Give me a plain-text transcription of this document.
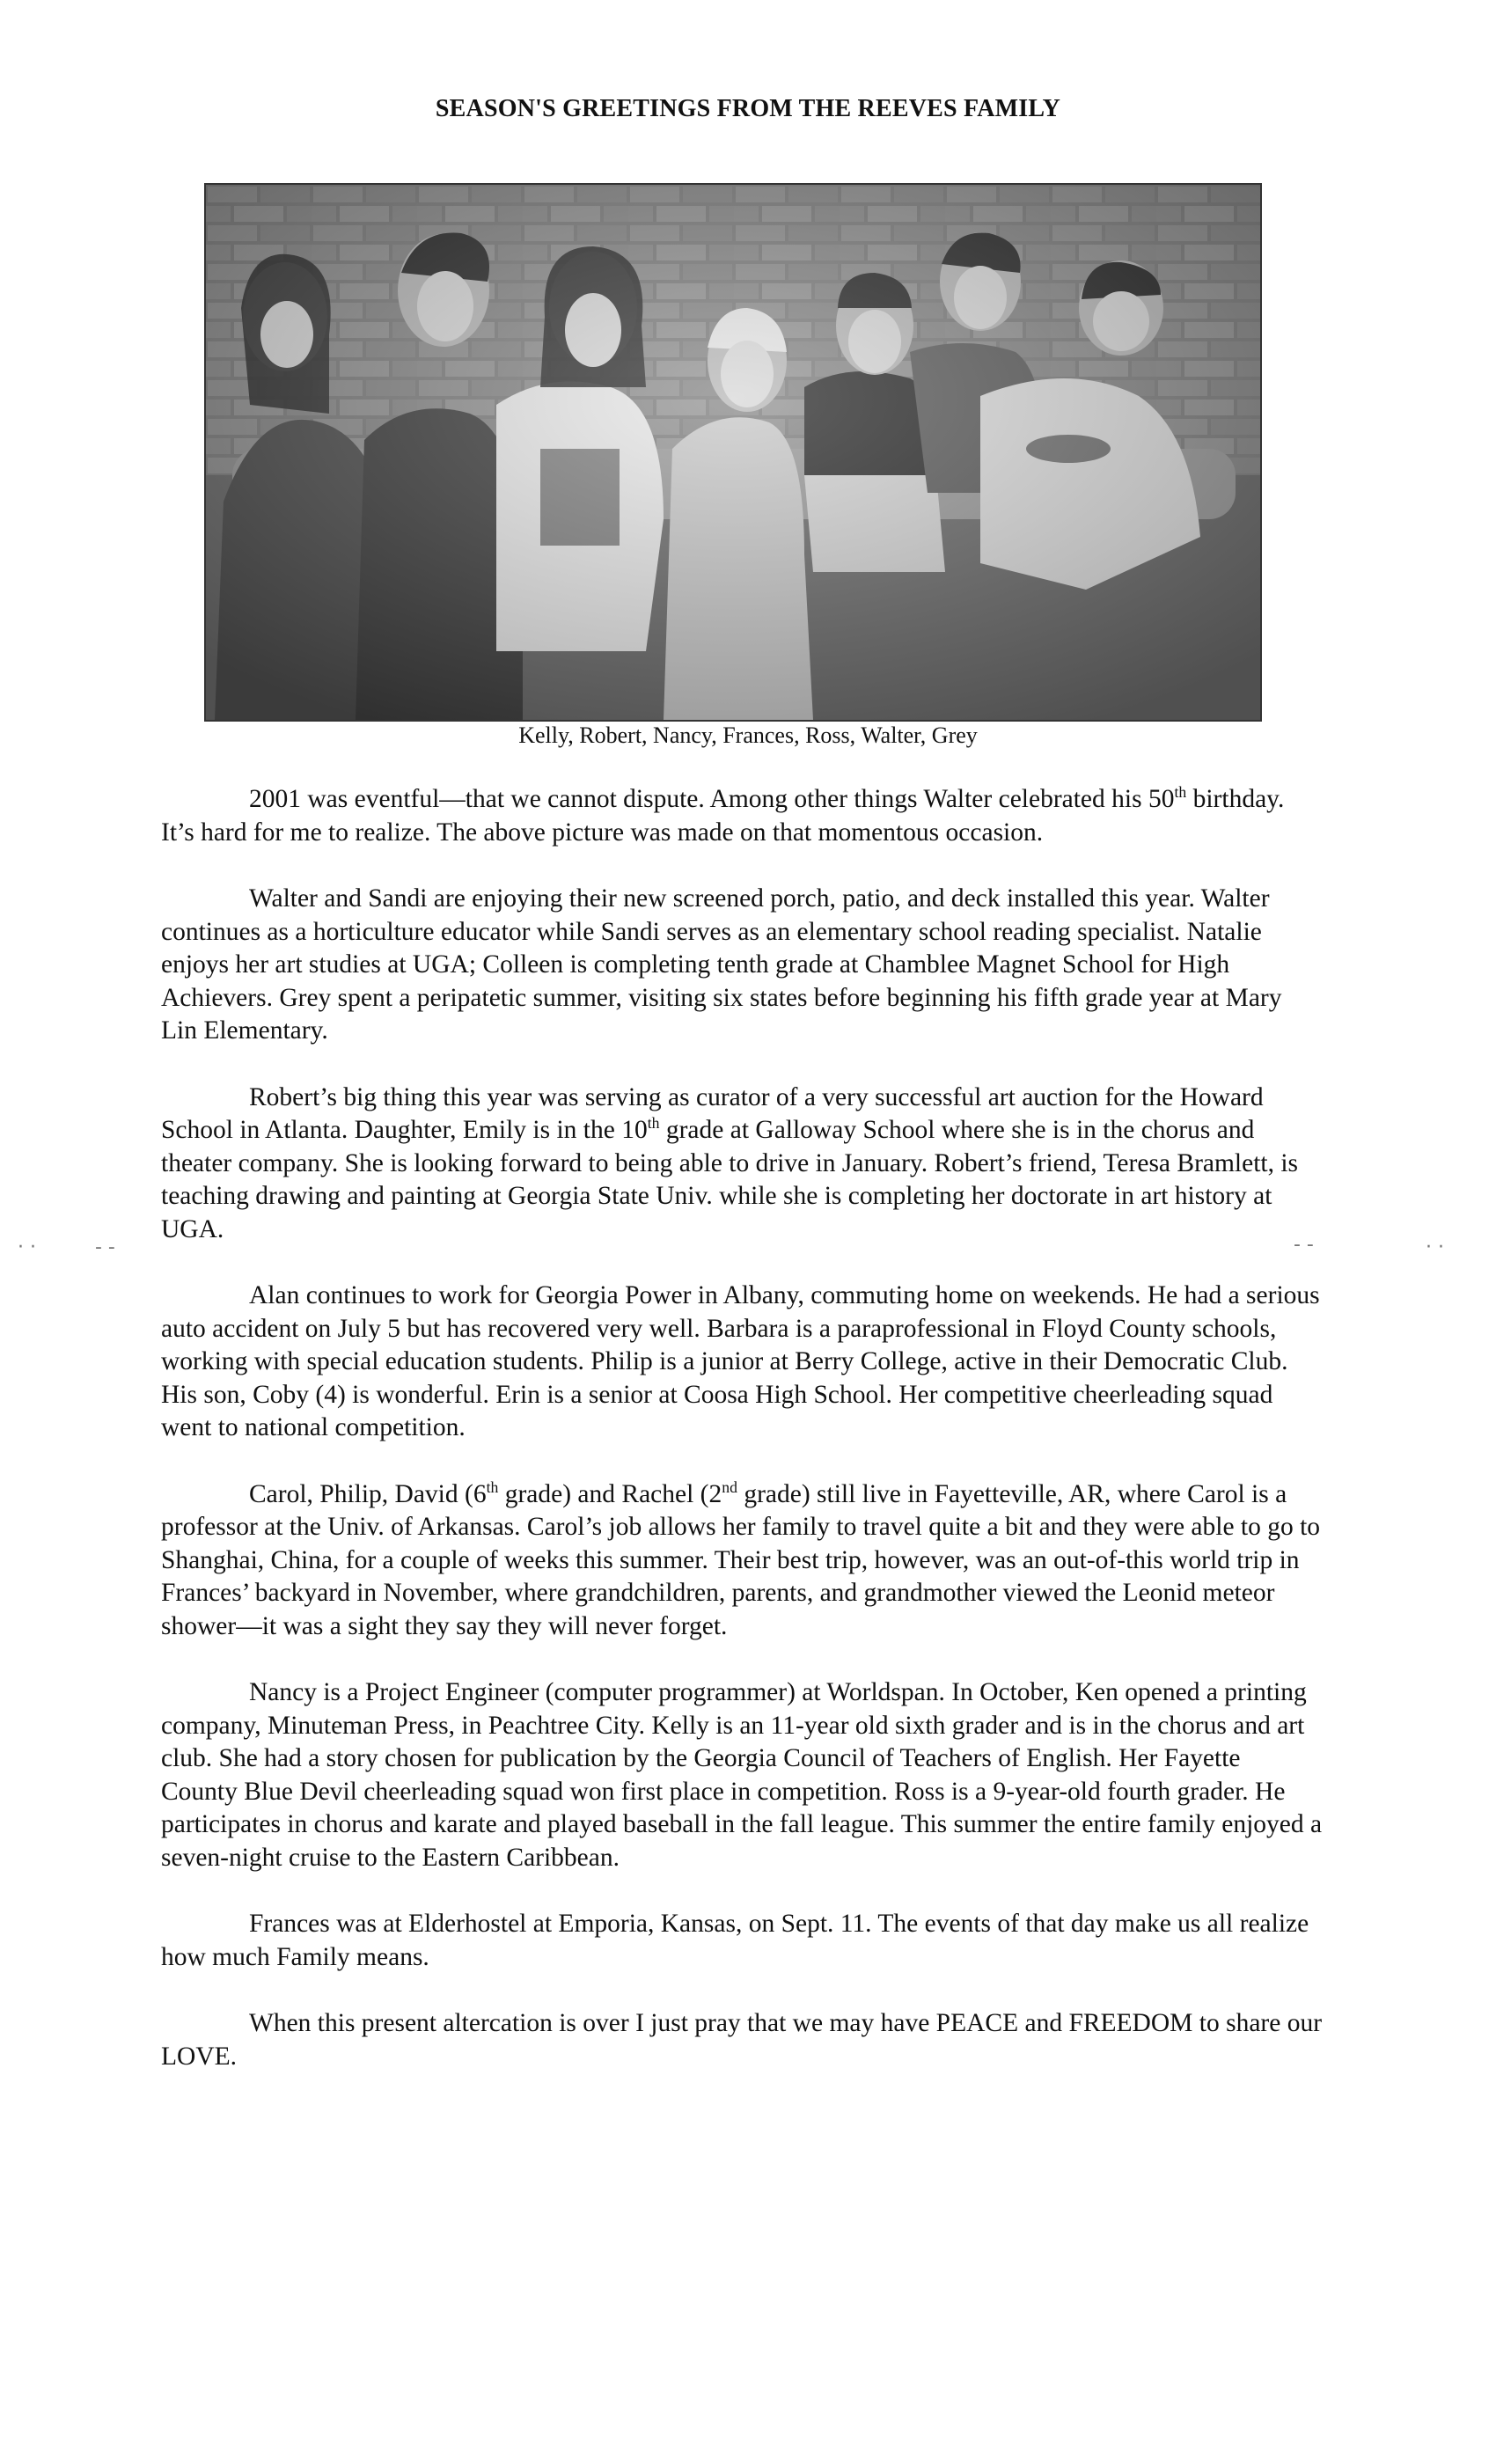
SEASON'S GREETINGS FROM THE REEVES FAMILY
Kelly, Robert, Nancy, Frances, Ross, Walter, Grey

2001 was eventful—that we cannot dispute. Among other things Walter celebrated his 50th birthday. It’s hard for me to realize. The above picture was made on that momentous occasion.

Walter and Sandi are enjoying their new screened porch, patio, and deck installed this year. Walter continues as a horticulture educator while Sandi serves as an elementary school reading specialist. Natalie enjoys her art studies at UGA; Colleen is completing tenth grade at Chamblee Magnet School for High Achievers. Grey spent a peripatetic summer, visiting six states before beginning his fifth grade year at Mary Lin Elementary.

Robert’s big thing this year was serving as curator of a very successful art auction for the Howard School in Atlanta. Daughter, Emily is in the 10th grade at Galloway School where she is in the chorus and theater company. She is looking forward to being able to drive in January. Robert’s friend, Teresa Bramlett, is teaching drawing and painting at Georgia State Univ. while she is completing her doctorate in art history at UGA.

Alan continues to work for Georgia Power in Albany, commuting home on weekends. He had a serious auto accident on July 5 but has recovered very well. Barbara is a paraprofessional in Floyd County schools, working with special education students. Philip is a junior at Berry College, active in their Democratic Club. His son, Coby (4) is wonderful. Erin is a senior at Coosa High School. Her competitive cheerleading squad went to national competition.

Carol, Philip, David (6th grade) and Rachel (2nd grade) still live in Fayetteville, AR, where Carol is a professor at the Univ. of Arkansas. Carol’s job allows her family to travel quite a bit and they were able to go to Shanghai, China, for a couple of weeks this summer. Their best trip, however, was an out-of-this world trip in Frances’ backyard in November, where grandchildren, parents, and grandmother viewed the Leonid meteor shower—it was a sight they say they will never forget.

Nancy is a Project Engineer (computer programmer) at Worldspan. In October, Ken opened a printing company, Minuteman Press, in Peachtree City. Kelly is an 11-year old sixth grader and is in the chorus and art club. She had a story chosen for publication by the Georgia Council of Teachers of English. Her Fayette County Blue Devil cheerleading squad won first place in competition. Ross is a 9-year-old fourth grader. He participates in chorus and karate and played baseball in the fall league. This summer the entire family enjoyed a seven-night cruise to the Eastern Caribbean.

Frances was at Elderhostel at Emporia, Kansas, on Sept. 11. The events of that day make us all realize how much Family means.

When this present altercation is over I just pray that we may have PEACE and FREEDOM to share our LOVE.

· ·	- -	- -	· ·
